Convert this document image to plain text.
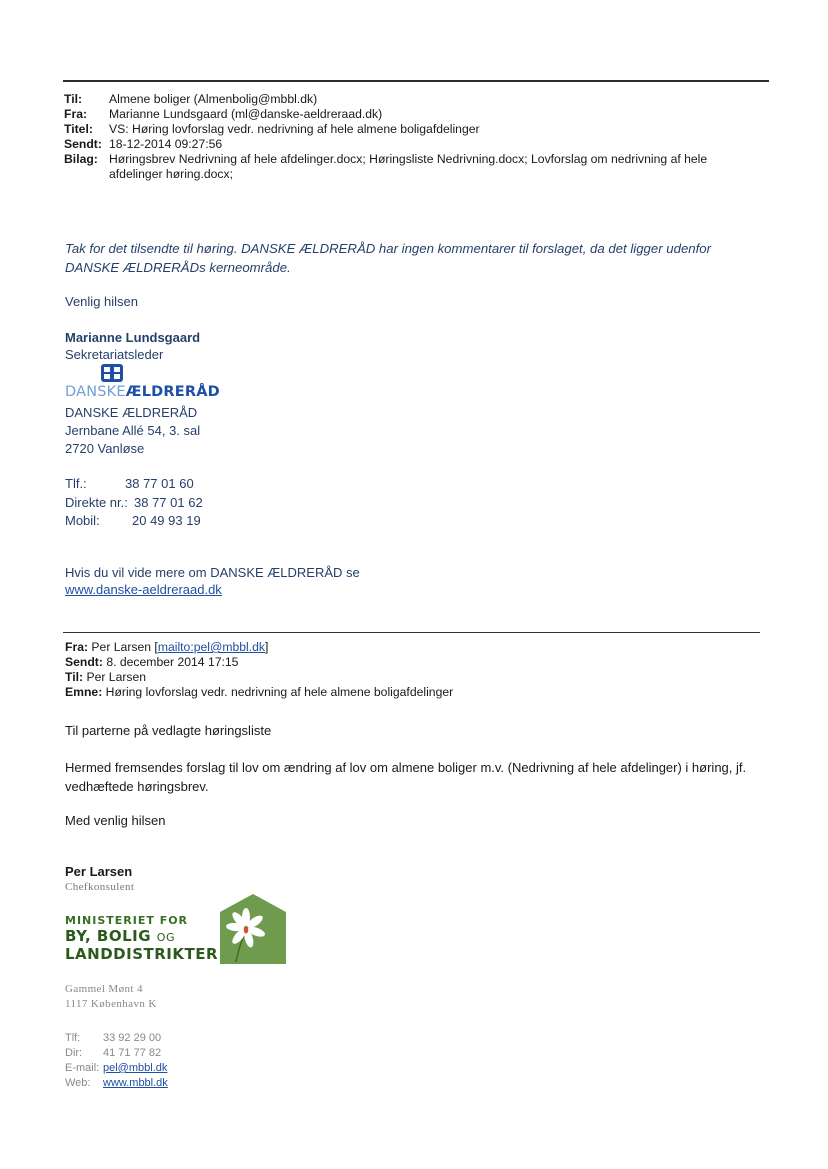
Til:	Almene boliger (Almenbolig@mbbl.dk)
Fra:	Marianne Lundsgaard (ml@danske-aeldreraad.dk)
Titel:	VS: Høring lovforslag vedr. nedrivning af hele almene boligafdelinger
Sendt: 18-12-2014 09:27:56
Bilag: Høringsbrev Nedrivning af hele afdelinger.docx; Høringsliste Nedrivning.docx; Lovforslag om nedrivning af hele afdelinger høring.docx;
Tak for det tilsendte til høring. DANSKE ÆLDRERÅD har ingen kommentarer til forslaget, da det ligger udenfor DANSKE ÆLDRERÅDs kerneområde.
Venlig hilsen
Marianne Lundsgaard
Sekretariatsleder
DANSKEÆLDRERÅD
DANSKE ÆLDRERÅD
Jernbane Allé 54, 3. sal
2720 Vanløse
Tlf.:	38 77 01 60
Direkte nr.: 38 77 01 62
Mobil:	20 49 93 19
Hvis du vil vide mere om DANSKE ÆLDRERÅD se
www.danske-aeldreraad.dk
Fra: Per Larsen [mailto:pel@mbbl.dk]
Sendt: 8. december 2014 17:15
Til: Per Larsen
Emne: Høring lovforslag vedr. nedrivning af hele almene boligafdelinger
Til parterne på vedlagte høringsliste
Hermed fremsendes forslag til lov om ændring af lov om almene boliger m.v. (Nedrivning af hele afdelinger) i høring, jf. vedhæftede høringsbrev.
Med venlig hilsen
Per Larsen
Chefkonsulent
MINISTERIET FOR
BY, BOLIG OG
LANDDISTRIKTER
Gammel Mønt 4
1117 København K
Tlf:	33 92 29 00
Dir:	41 71 77 82
E-mail: pel@mbbl.dk
Web:	www.mbbl.dk
